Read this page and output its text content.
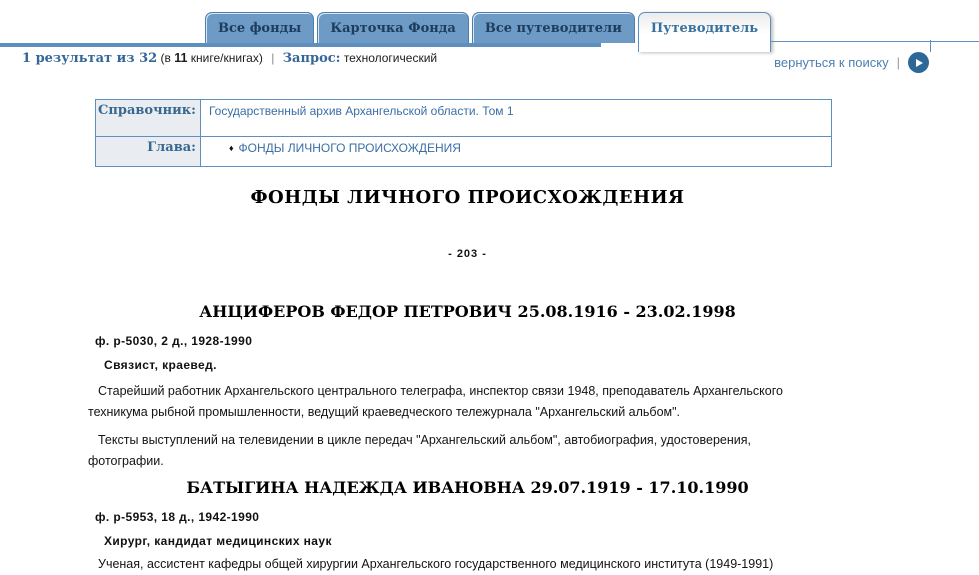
Все фонды Карточка Фонда Все путеводители Путеводитель
1 результат из 32 (в 11 книге/книгах) | Запрос: технологический	вернуться к поиску |
Справочник:	Государственный архив Архангельской области. Том 1
Глава:	♦ ФОНДЫ ЛИЧНОГО ПРОИСХОЖДЕНИЯ
ФОНДЫ ЛИЧНОГО ПРОИСХОЖДЕНИЯ
- 203 -
АНЦИФЕРОВ ФЕДОР ПЕТРОВИЧ 25.08.1916 - 23.02.1998
ф. р-5030, 2 д., 1928-1990
Связист, краевед.

Старейший работник Архангельского центрального телеграфа, инспектор связи 1948, преподаватель Архангельского техникума рыбной промышленности, ведущий краеведческого тележурнала "Архангельский альбом".

Тексты выступлений на телевидении в цикле передач "Архангельский альбом", автобиография, удостоверения, фотографии.

БАТЫГИНА НАДЕЖДА ИВАНОВНА 29.07.1919 - 17.10.1990
ф. р-5953, 18 д., 1942-1990
Хирург, кандидат медицинских наук

Ученая, ассистент кафедры общей хирургии Архангельского государственного медицинского института (1949-1991)
